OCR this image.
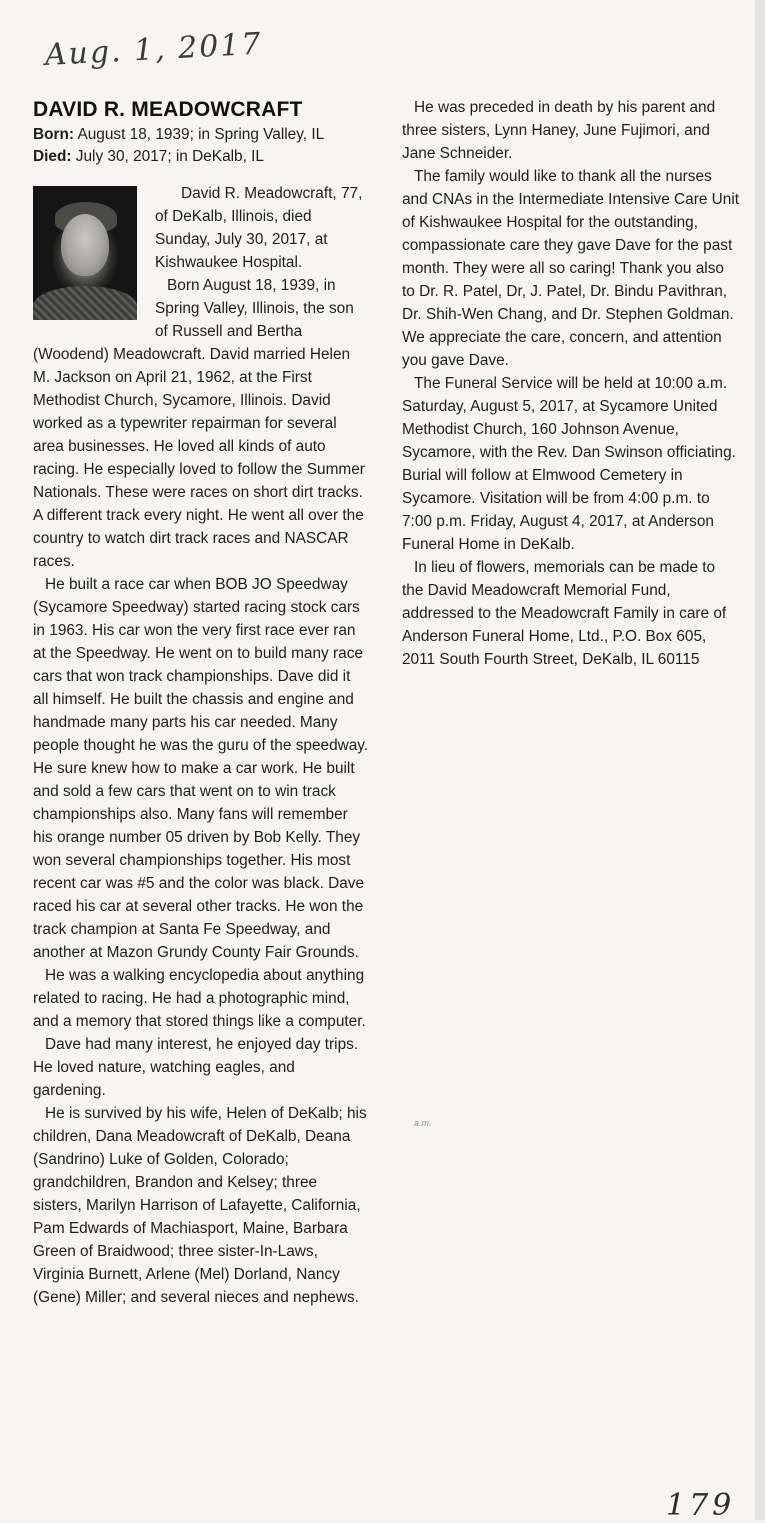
Aug. 1, 2017
DAVID R. MEADOWCRAFT
Born: August 18, 1939; in Spring Valley, IL
Died: July 30, 2017; in DeKalb, IL

David R. Meadowcraft, 77, of DeKalb, Illinois, died Sunday, July 30, 2017, at Kishwaukee Hospital.

Born August 18, 1939, in Spring Valley, Illinois, the son of Russell and Bertha (Woodend) Meadowcraft. David married Helen M. Jackson on April 21, 1962, at the First Methodist Church, Sycamore, Illinois. David worked as a typewriter repairman for several area businesses. He loved all kinds of auto racing. He especially loved to follow the Summer Nationals. These were races on short dirt tracks. A different track every night. He went all over the country to watch dirt track races and NASCAR races.

He built a race car when BOB JO Speedway (Sycamore Speedway) started racing stock cars in 1963. His car won the very first race ever ran at the Speedway. He went on to build many race cars that won track championships. Dave did it all himself. He built the chassis and engine and handmade many parts his car needed. Many people thought he was the guru of the speedway. He sure knew how to make a car work. He built and sold a few cars that went on to win track championships also. Many fans will remember his orange number 05 driven by Bob Kelly. They won several championships together. His most recent car was #5 and the color was black. Dave raced his car at several other tracks. He won the track champion at Santa Fe Speedway, and another at Mazon Grundy County Fair Grounds.

He was a walking encyclopedia about anything related to racing. He had a photographic mind, and a memory that stored things like a computer.

Dave had many interest, he enjoyed day trips. He loved nature, watching eagles, and gardening.

He is survived by his wife, Helen of DeKalb; his children, Dana Meadowcraft of DeKalb, Deana (Sandrino) Luke of Golden, Colorado; grandchildren, Brandon and Kelsey; three sisters, Marilyn Harrison of Lafayette, California, Pam Edwards of Machiasport, Maine, Barbara Green of Braidwood; three sister-In-Laws, Virginia Burnett, Arlene (Mel) Dorland, Nancy (Gene) Miller; and several nieces and nephews.

He was preceded in death by his parent and three sisters, Lynn Haney, June Fujimori, and Jane Schneider.

The family would like to thank all the nurses and CNAs in the Intermediate Intensive Care Unit of Kishwaukee Hospital for the outstanding, compassionate care they gave Dave for the past month. They were all so caring! Thank you also to Dr. R. Patel, Dr, J. Patel, Dr. Bindu Pavithran, Dr. Shih-Wen Chang, and Dr. Stephen Goldman. We appreciate the care, concern, and attention you gave Dave.

The Funeral Service will be held at 10:00 a.m. Saturday, August 5, 2017, at Sycamore United Methodist Church, 160 Johnson Avenue, Sycamore, with the Rev. Dan Swinson officiating. Burial will follow at Elmwood Cemetery in Sycamore. Visitation will be from 4:00 p.m. to 7:00 p.m. Friday, August 4, 2017, at Anderson Funeral Home in DeKalb.

In lieu of flowers, memorials can be made to the David Meadowcraft Memorial Fund, addressed to the Meadowcraft Family in care of Anderson Funeral Home, Ltd., P.O. Box 605, 2011 South Fourth Street, DeKalb, IL 60115

a.m.
179
